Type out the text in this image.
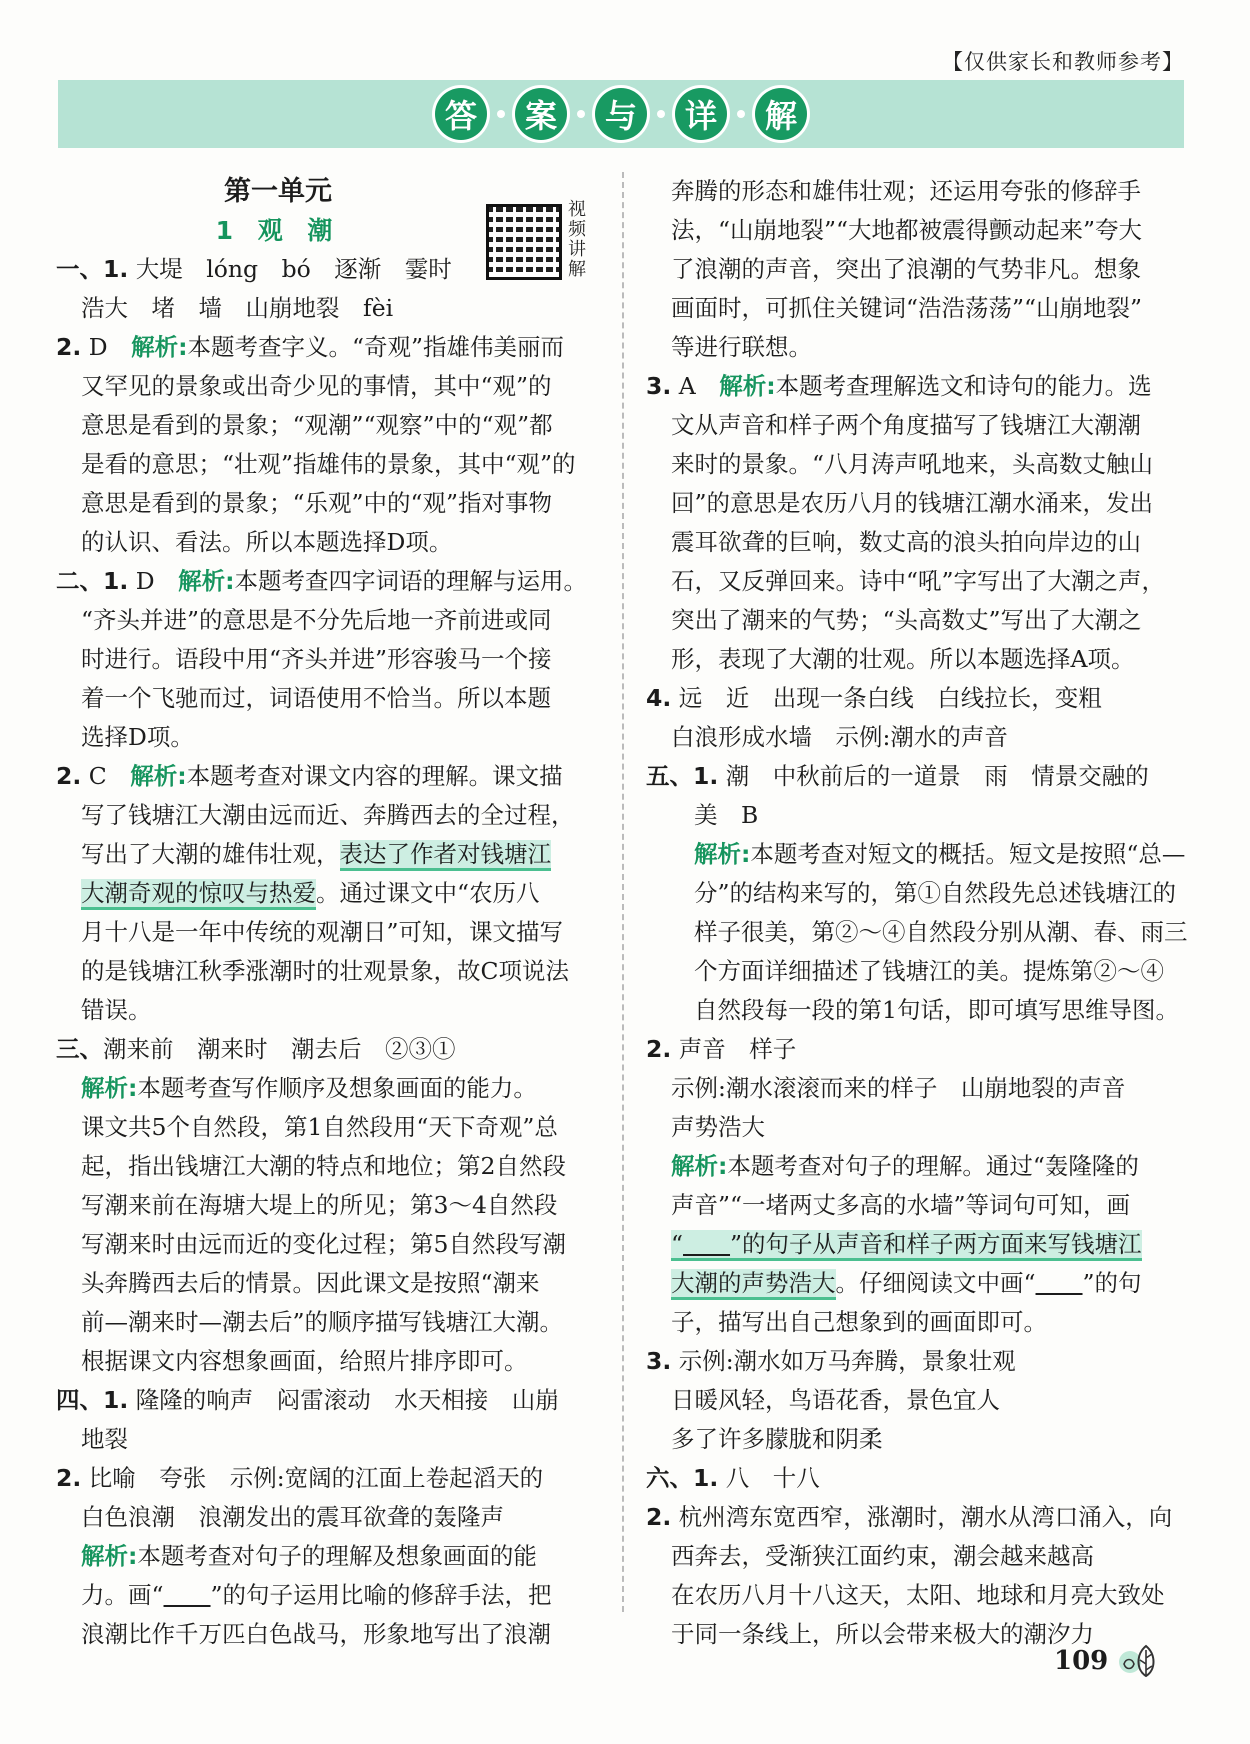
【仅供家长和教师参考】
答	案	与	详	解
第一单元
1 观 潮
视频讲解

一、1. 大堤　lóng　bó　逐渐　霎时

浩大　堵　墙　山崩地裂　fèi

2. D　解析:本题考查字义。“奇观”指雄伟美丽而

又罕见的景象或出奇少见的事情，其中“观”的

意思是看到的景象；“观潮”“观察”中的“观”都

是看的意思；“壮观”指雄伟的景象，其中“观”的

意思是看到的景象；“乐观”中的“观”指对事物

的认识、看法。所以本题选择D项。

二、1. D　解析:本题考查四字词语的理解与运用。

“齐头并进”的意思是不分先后地一齐前进或同

时进行。语段中用“齐头并进”形容骏马一个接

着一个飞驰而过，词语使用不恰当。所以本题

选择D项。

2. C　解析:本题考查对课文内容的理解。课文描

写了钱塘江大潮由远而近、奔腾西去的全过程，

写出了大潮的雄伟壮观，表达了作者对钱塘江

大潮奇观的惊叹与热爱。通过课文中“农历八

月十八是一年中传统的观潮日”可知，课文描写

的是钱塘江秋季涨潮时的壮观景象，故C项说法

错误。

三、潮来前　潮来时　潮去后　②③①

解析:本题考查写作顺序及想象画面的能力。

课文共5个自然段，第1自然段用“天下奇观”总

起，指出钱塘江大潮的特点和地位；第2自然段

写潮来前在海塘大堤上的所见；第3～4自然段

写潮来时由远而近的变化过程；第5自然段写潮

头奔腾西去后的情景。因此课文是按照“潮来

前—潮来时—潮去后”的顺序描写钱塘江大潮。

根据课文内容想象画面，给照片排序即可。

四、1. 隆隆的响声　闷雷滚动　水天相接　山崩

地裂

2. 比喻　夸张　示例:宽阔的江面上卷起滔天的

白色浪潮　浪潮发出的震耳欲聋的轰隆声

解析:本题考查对句子的理解及想象画面的能

力。画“　　 ”的句子运用比喻的修辞手法，把

浪潮比作千万匹白色战马，形象地写出了浪潮

奔腾的形态和雄伟壮观；还运用夸张的修辞手

法，“山崩地裂”“大地都被震得颤动起来”夸大

了浪潮的声音，突出了浪潮的气势非凡。想象

画面时，可抓住关键词“浩浩荡荡”“山崩地裂”

等进行联想。

3. A　解析:本题考查理解选文和诗句的能力。选

文从声音和样子两个角度描写了钱塘江大潮潮

来时的景象。“八月涛声吼地来，头高数丈触山

回”的意思是农历八月的钱塘江潮水涌来，发出

震耳欲聋的巨响，数丈高的浪头拍向岸边的山

石，又反弹回来。诗中“吼”字写出了大潮之声，

突出了潮来的气势；“头高数丈”写出了大潮之

形，表现了大潮的壮观。所以本题选择A项。

4. 远　近　出现一条白线　白线拉长，变粗

白浪形成水墙　示例:潮水的声音

五、1. 潮　中秋前后的一道景　雨　情景交融的

美　B

解析:本题考查对短文的概括。短文是按照“总—

分”的结构来写的，第①自然段先总述钱塘江的

样子很美，第②～④自然段分别从潮、春、雨三

个方面详细描述了钱塘江的美。提炼第②～④

自然段每一段的第1句话，即可填写思维导图。

2. 声音　样子

示例:潮水滚滚而来的样子　山崩地裂的声音

声势浩大

解析:本题考查对句子的理解。通过“轰隆隆的

声音”“一堵两丈多高的水墙”等词句可知，画

“　　 ”的句子从声音和样子两方面来写钱塘江

大潮的声势浩大。仔细阅读文中画“　　 ”的句

子，描写出自己想象到的画面即可。

3. 示例:潮水如万马奔腾，景象壮观

日暖风轻，鸟语花香，景色宜人

多了许多朦胧和阴柔

六、1. 八　十八

2. 杭州湾东宽西窄，涨潮时，潮水从湾口涌入，向

西奔去，受渐狭江面约束，潮会越来越高

在农历八月十八这天，太阳、地球和月亮大致处

于同一条线上，所以会带来极大的潮汐力

109
